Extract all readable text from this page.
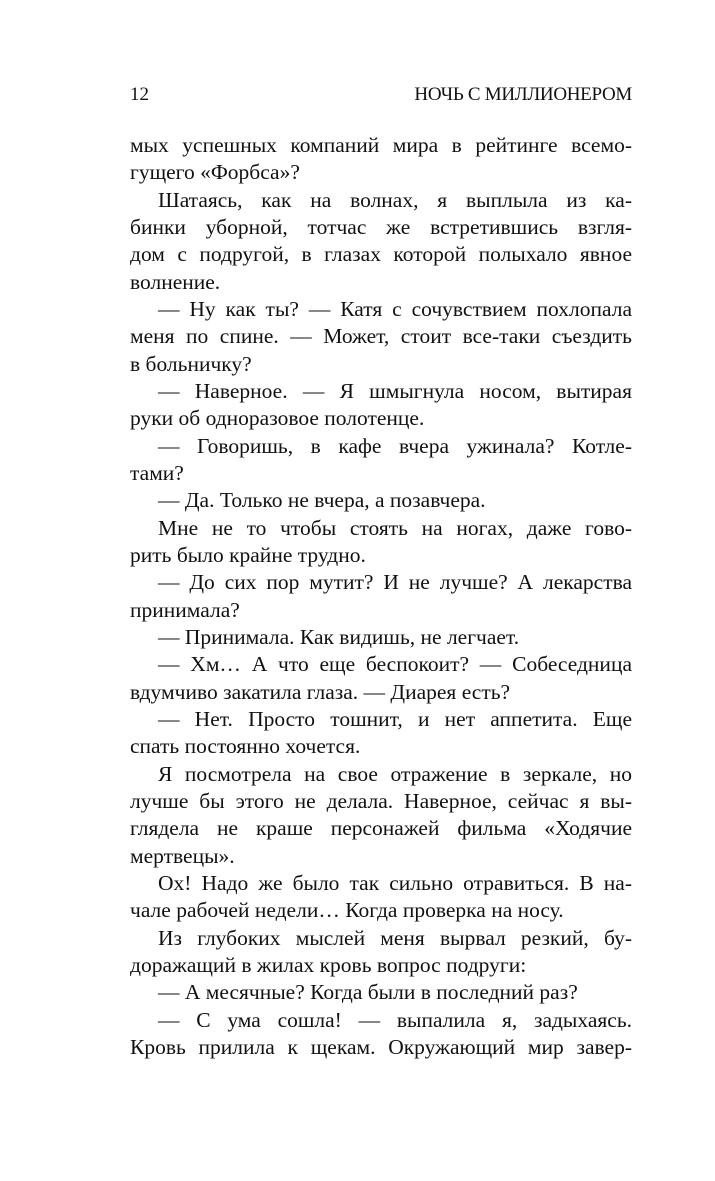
12	НОЧЬ С МИЛЛИОНЕРОМ
мых успешных компаний мира в рейтинге всемо-
гущего «Форбса»?
Шатаясь, как на волнах, я выплыла из ка-
бинки уборной, тотчас же встретившись взгля-
дом с подругой, в глазах которой полыхало явное
волнение.
— Ну как ты? — Катя с сочувствием похлопала
меня по спине. — Может, стоит все-таки съездить
в больничку?
— Наверное. — Я шмыгнула носом, вытирая
руки об одноразовое полотенце.
— Говоришь, в кафе вчера ужинала? Котле-
тами?
— Да. Только не вчера, а позавчера.
Мне не то чтобы стоять на ногах, даже гово-
рить было крайне трудно.
— До сих пор мутит? И не лучше? А лекарства
принимала?
— Принимала. Как видишь, не легчает.
— Хм… А что еще беспокоит? — Собеседница
вдумчиво закатила глаза. — Диарея есть?
— Нет. Просто тошнит, и нет аппетита. Еще
спать постоянно хочется.
Я посмотрела на свое отражение в зеркале, но
лучше бы этого не делала. Наверное, сейчас я вы-
глядела не краше персонажей фильма «Ходячие
мертвецы».
Ох! Надо же было так сильно отравиться. В на-
чале рабочей недели… Когда проверка на носу.
Из глубоких мыслей меня вырвал резкий, бу-
доражащий в жилах кровь вопрос подруги:
— А месячные? Когда были в последний раз?
— С ума сошла! — выпалила я, задыхаясь.
Кровь прилила к щекам. Окружающий мир завер-
